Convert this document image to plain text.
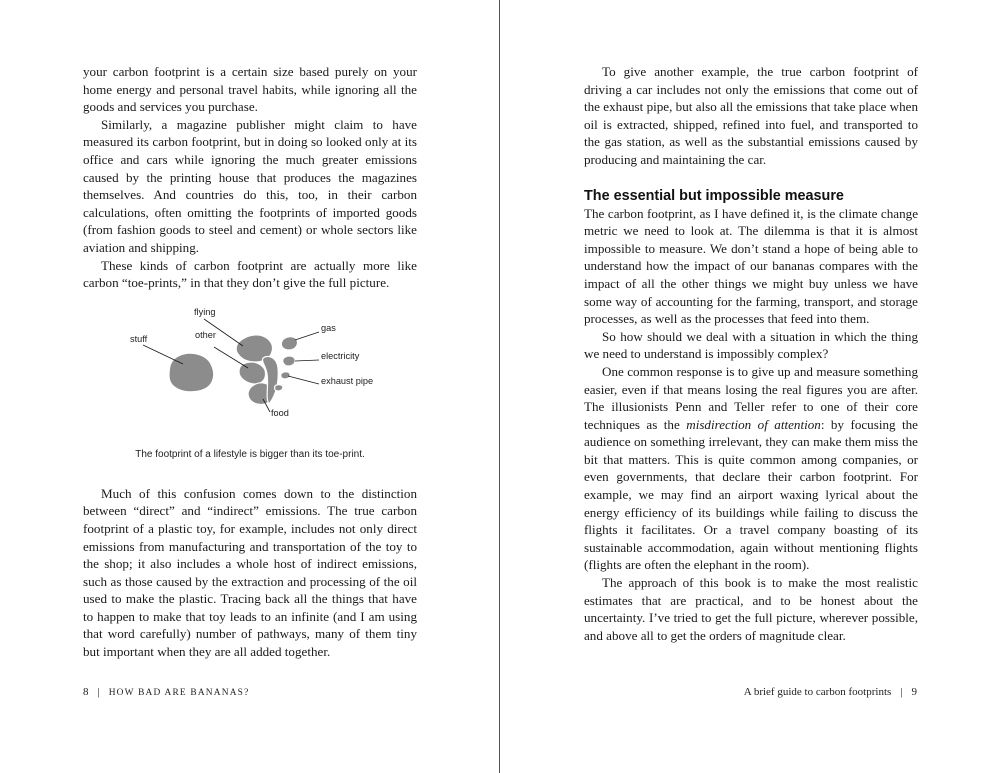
your carbon footprint is a certain size based purely on your home energy and personal travel habits, while ignoring all the goods and services you purchase.

Similarly, a magazine publisher might claim to have measured its carbon footprint, but in doing so looked only at its office and cars while ignoring the much greater emissions caused by the printing house that produces the magazines themselves. And countries do this, too, in their carbon calculations, often omitting the footprints of imported goods (from fashion goods to steel and cement) or whole sectors like aviation and shipping.

These kinds of carbon footprint are actually more like carbon “toe-prints,” in that they don’t give the full picture.

stuff
flying
other
gas
electricity
exhaust pipe
food
The footprint of a lifestyle is bigger than its toe-print.

Much of this confusion comes down to the distinction between “direct” and “indirect” emissions. The true carbon footprint of a plastic toy, for example, includes not only direct emissions from manufacturing and transportation of the toy to the shop; it also includes a whole host of indirect emissions, such as those caused by the extraction and processing of the oil used to make the plastic. Tracing back all the things that have to happen to make that toy leads to an infinite (and I am using that word carefully) number of pathways, many of them tiny but important when they are all added together.

8 | HOW BAD ARE BANANAS?

To give another example, the true carbon footprint of driving a car includes not only the emissions that come out of the exhaust pipe, but also all the emissions that take place when oil is extracted, shipped, refined into fuel, and transported to the gas station, as well as the substantial emissions caused by producing and maintaining the car.

The essential but impossible measure

The carbon footprint, as I have defined it, is the climate change metric we need to look at. The dilemma is that it is almost impossible to measure. We don’t stand a hope of being able to understand how the impact of our bananas compares with the impact of all the other things we might buy unless we have some way of accounting for the farming, transport, and storage processes, as well as the processes that feed into them.

So how should we deal with a situation in which the thing we need to understand is impossibly complex?

One common response is to give up and measure something easier, even if that means losing the real figures you are after. The illusionists Penn and Teller refer to one of their core techniques as the misdirection of attention: by focusing the audience on something irrelevant, they can make them miss the bit that matters. This is quite common among companies, or even governments, that declare their carbon footprint. For example, we may find an airport waxing lyrical about the energy efficiency of its buildings while failing to discuss the flights it facilitates. Or a travel company boasting of its sustainable accommodation, again without mentioning flights (flights are often the elephant in the room).

The approach of this book is to make the most realistic estimates that are practical, and to be honest about the uncertainty. I’ve tried to get the full picture, wherever possible, and above all to get the orders of magnitude clear.

A brief guide to carbon footprints | 9
